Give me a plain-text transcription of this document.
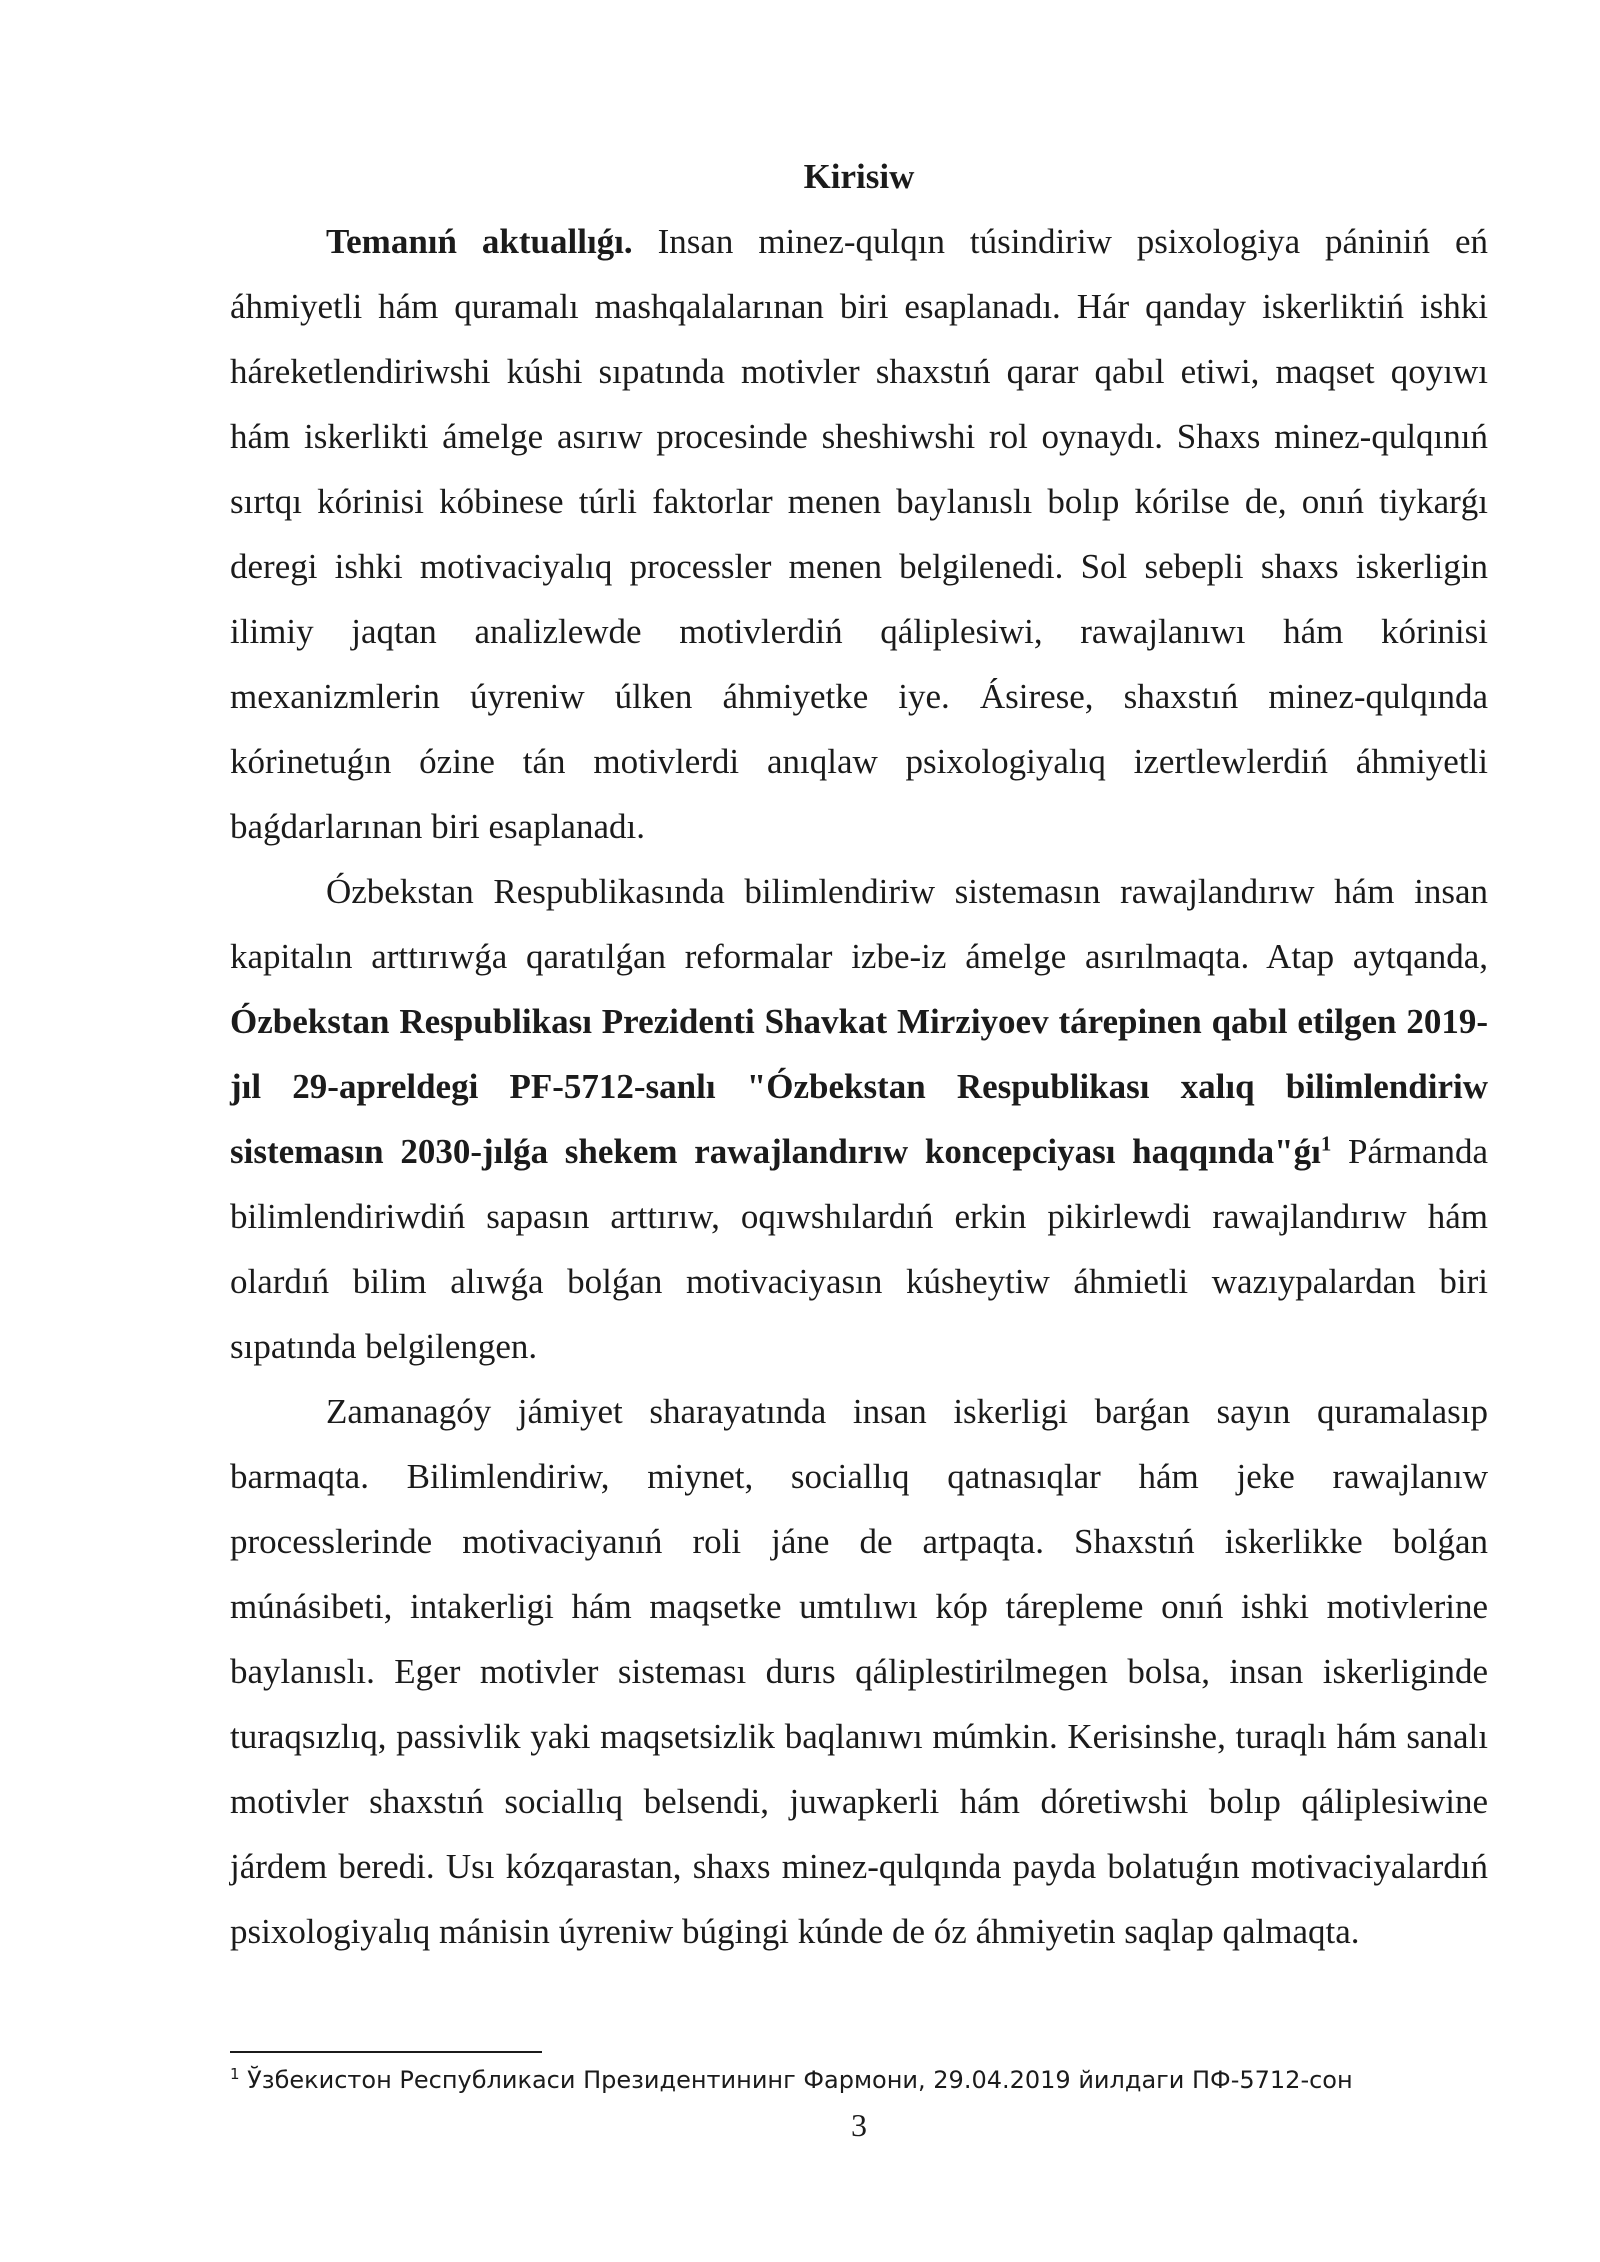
Kirisiw

Temanıń aktuallıǵı. Insan minez-qulqın túsindiriw psixologiya pániniń eń áhmiyetli hám quramalı mashqalalarınan biri esaplanadı. Hár qanday iskerliktiń ishki háreketlendiriwshi kúshi sıpatında motivler shaxstıń qarar qabıl etiwi, maqset qoyıwı hám iskerlikti ámelge asırıw procesinde sheshiwshi rol oynaydı. Shaxs minez-qulqınıń sırtqı kórinisi kóbinese túrli faktorlar menen baylanıslı bolıp kórilse de, onıń tiykarǵı deregi ishki motivaciyalıq processler menen belgilenedi. Sol sebepli shaxs iskerligin ilimiy jaqtan analizlewde motivlerdiń qáliplesiwi, rawajlanıwı hám kórinisi mexanizmlerin úyreniw úlken áhmiyetke iye. Ásirese, shaxstıń minez-qulqında kórinetuǵın ózine tán motivlerdi anıqlaw psixologiyalıq izertlewlerdiń áhmiyetli baǵdarlarınan biri esaplanadı.

Ózbekstan Respublikasında bilimlendiriw sistemasın rawajlandırıw hám insan kapitalın arttırıwǵa qaratılǵan reformalar izbe-iz ámelge asırılmaqta. Atap aytqanda, Ózbekstan Respublikası Prezidenti Shavkat Mirziyoev tárepinen qabıl etilgen 2019-jıl 29-apreldegi PF-5712-sanlı "Ózbekstan Respublikası xalıq bilimlendiriw sistemasın 2030-jılǵa shekem rawajlandırıw koncepciyası haqqında"ǵı$^1$ Pármanda bilimlendiriwdiń sapasın arttırıw, oqıwshılardıń erkin pikirlewdi rawajlandırıw hám olardıń bilim alıwǵa bolǵan motivaciyasın kúsheytiw áhmietli wazıypalardan biri sıpatında belgilengen.

Zamanagóy jámiyet sharayatında insan iskerligi barǵan sayın quramalasıp barmaqta. Bilimlendiriw, miynet, sociallıq qatnasıqlar hám jeke rawajlanıw processlerinde motivaciyanıń roli jáne de artpaqta. Shaxstıń iskerlikke bolǵan múnásibeti, intakerligi hám maqsetke umtılıwı kóp tárepleme onıń ishki motivlerine baylanıslı. Eger motivler sisteması durıs qáliplestirilmegen bolsa, insan iskerliginde turaqsızlıq, passivlik yaki maqsetsizlik baqlanıwı múmkin. Kerisinshe, turaqlı hám sanalı motivler shaxstıń sociallıq belsendi, juwapkerli hám dóretiwshi bolıp qáliplesiwine járdem beredi. Usı kózqarastan, shaxs minez-qulqında payda bolatuǵın motivaciyalardıń psixologiyalıq mánisin úyreniw búgingi kúnde de óz áhmiyetin saqlap qalmaqta.

$^1$ Ўзбекистон Республикаси Президентининг Фармони, 29.04.2019 йилдаги ПФ-5712-сон
3
